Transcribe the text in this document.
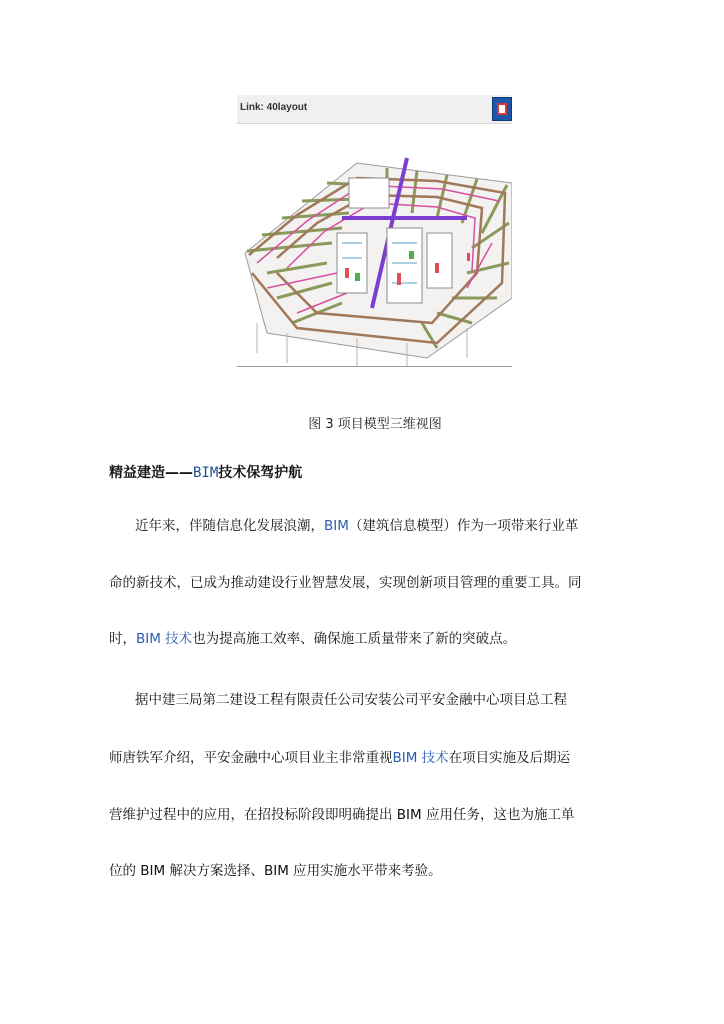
Link: 40layout
图 3 项目模型三维视图
精益建造——BIM技术保驾护航
近年来，伴随信息化发展浪潮，BIM（建筑信息模型）作为一项带来行业革
命的新技术，已成为推动建设行业智慧发展，实现创新项目管理的重要工具。同
时，BIM 技术也为提高施工效率、确保施工质量带来了新的突破点。
据中建三局第二建设工程有限责任公司安装公司平安金融中心项目总工程
师唐铁军介绍，平安金融中心项目业主非常重视BIM 技术在项目实施及后期运
营维护过程中的应用，在招投标阶段即明确提出 BIM 应用任务，这也为施工单
位的 BIM 解决方案选择、BIM 应用实施水平带来考验。
